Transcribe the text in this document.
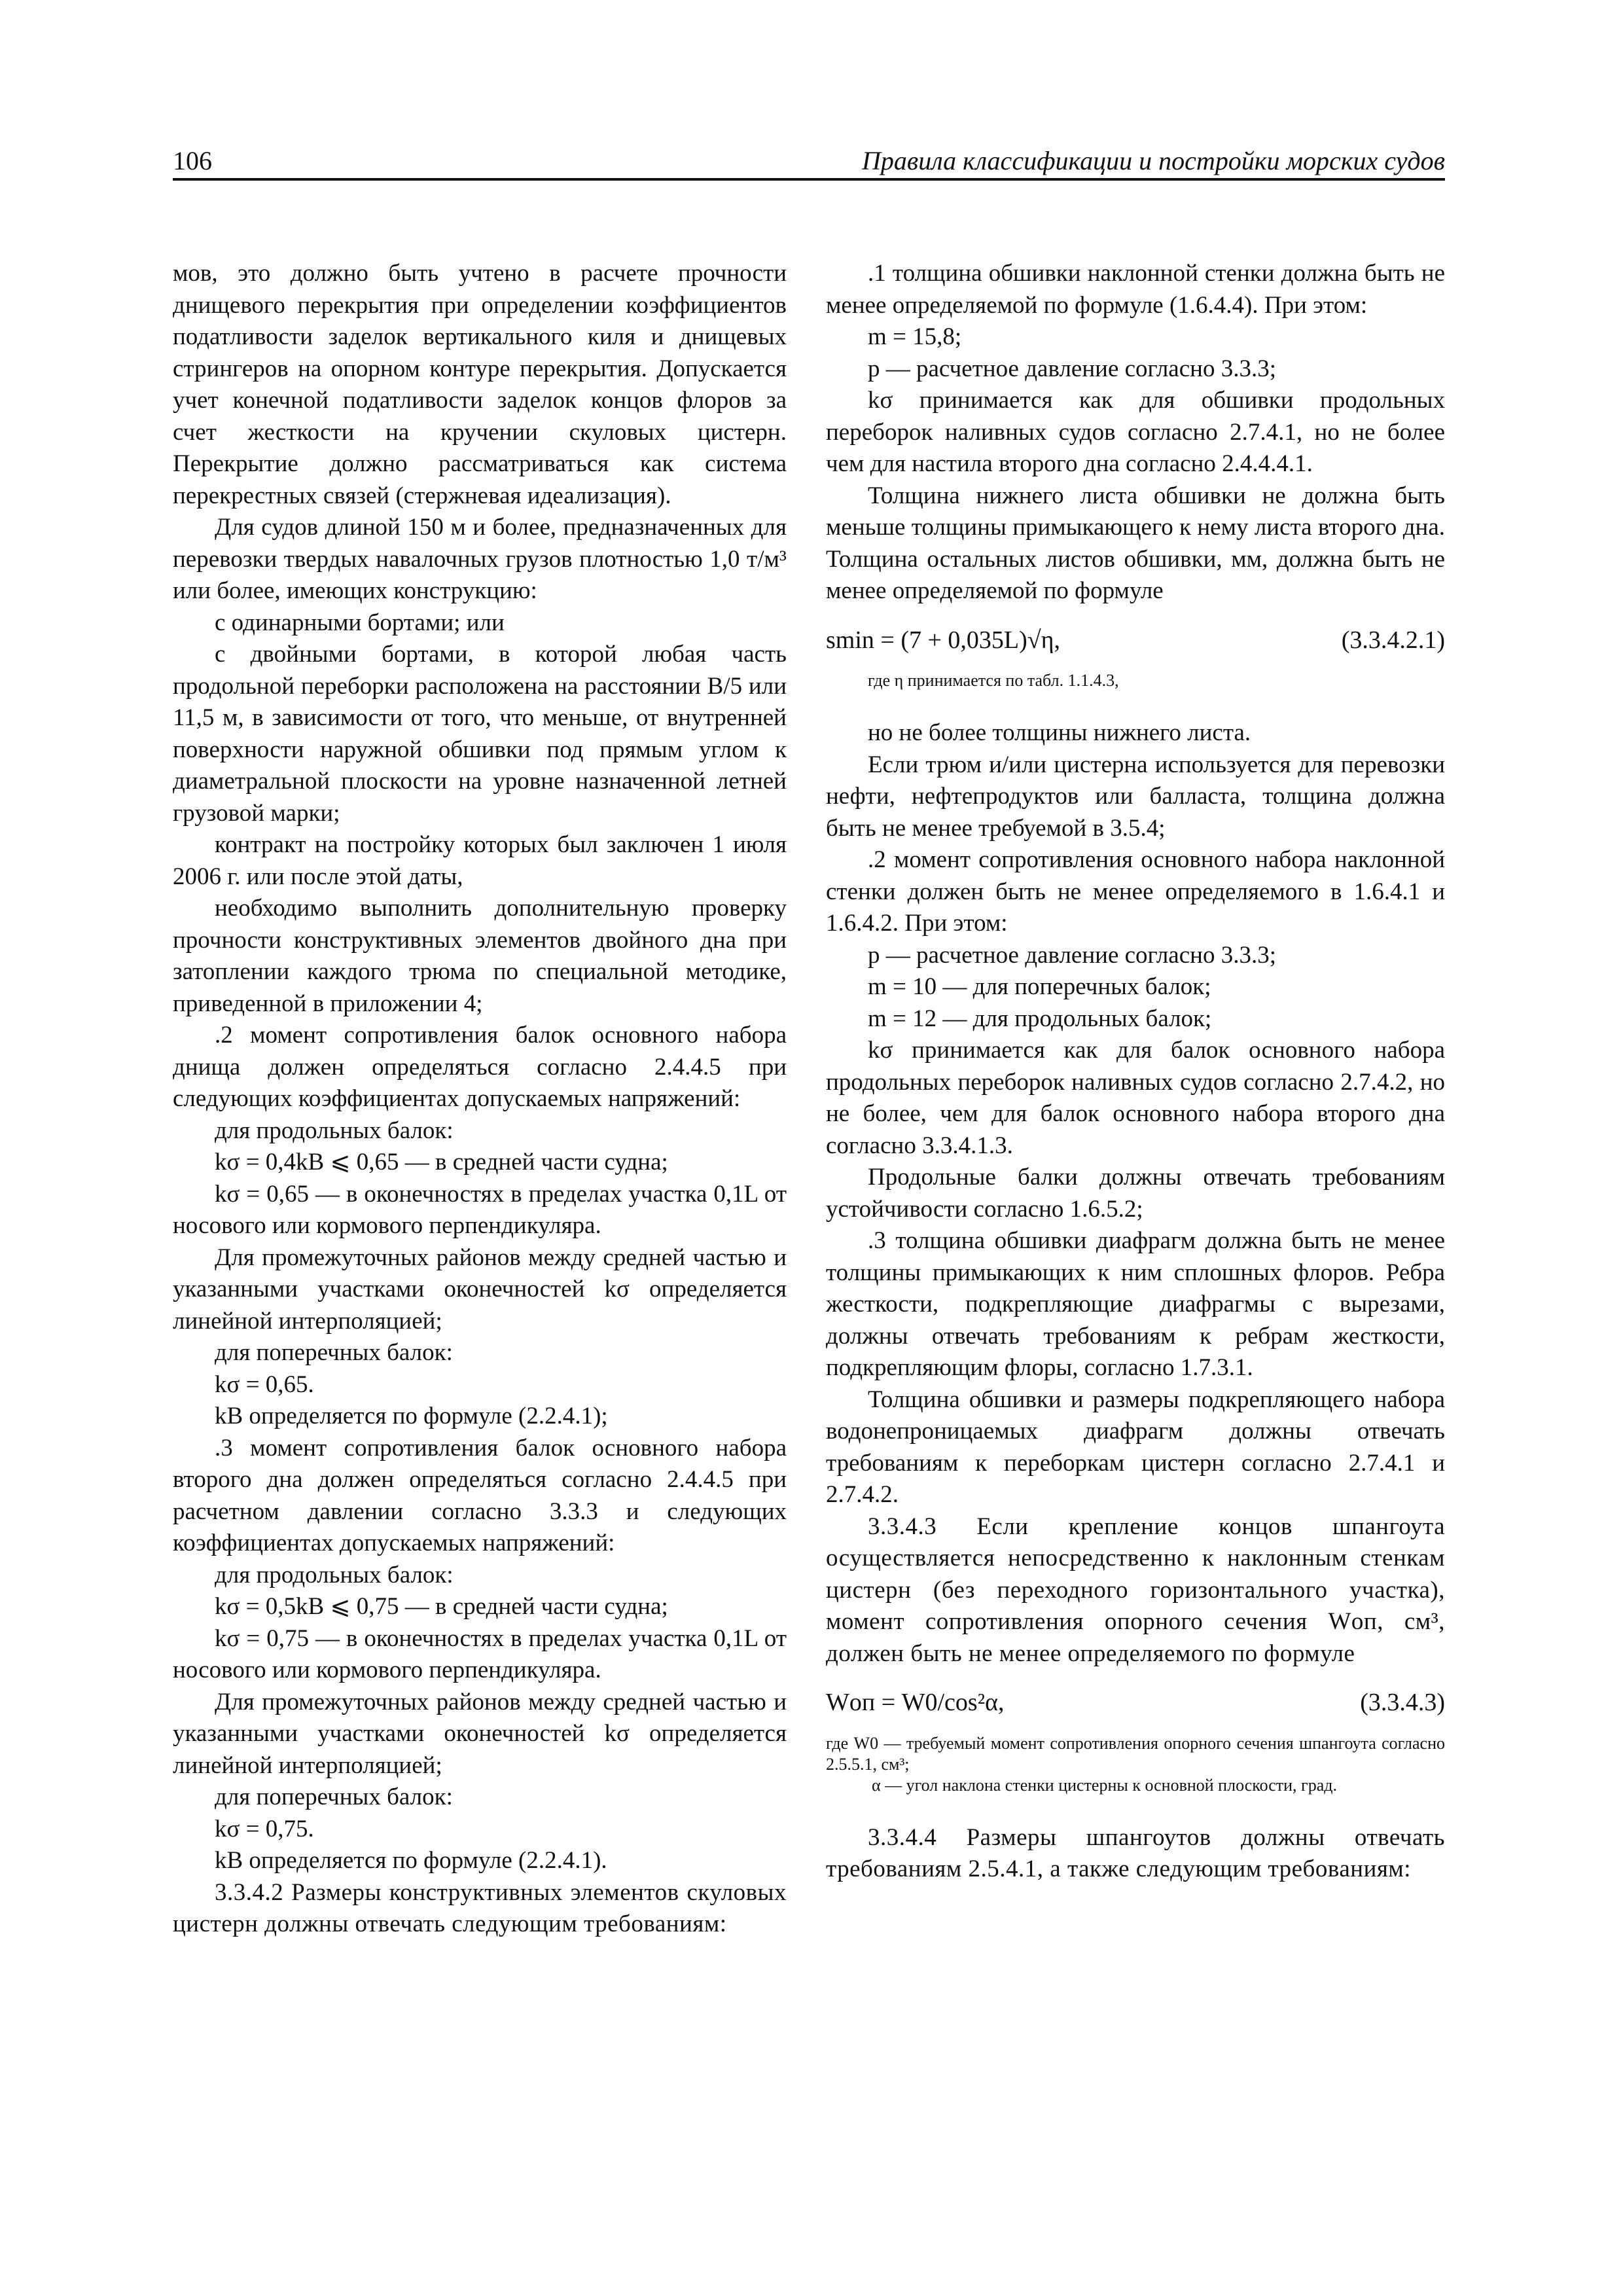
106	Правила классификации и постройки морских судов

мов, это должно быть учтено в расчете прочности днищевого перекрытия при определении коэффициентов податливости заделок вертикального киля и днищевых стрингеров на опорном контуре перекрытия. Допускается учет конечной податливости заделок концов флоров за счет жесткости на кручении скуловых цистерн. Перекрытие должно рассматриваться как система перекрестных связей (стержневая идеализация).

Для судов длиной 150 м и более, предназначенных для перевозки твердых навалочных грузов плотностью 1,0 т/м³ или более, имеющих конструкцию:

с одинарными бортами; или

с двойными бортами, в которой любая часть продольной переборки расположена на расстоянии B/5 или 11,5 м, в зависимости от того, что меньше, от внутренней поверхности наружной обшивки под прямым углом к диаметральной плоскости на уровне назначенной летней грузовой марки;

контракт на постройку которых был заключен 1 июля 2006 г. или после этой даты,

необходимо выполнить дополнительную проверку прочности конструктивных элементов двойного дна при затоплении каждого трюма по специальной методике, приведенной в приложении 4;

.2 момент сопротивления балок основного набора днища должен определяться согласно 2.4.4.5 при следующих коэффициентах допускаемых напряжений:

для продольных балок:

kσ = 0,4kB ⩽ 0,65 — в средней части судна;

kσ = 0,65 — в оконечностях в пределах участка 0,1L от носового или кормового перпендикуляра.

Для промежуточных районов между средней частью и указанными участками оконечностей kσ определяется линейной интерполяцией;

для поперечных балок:

kσ = 0,65.

kB определяется по формуле (2.2.4.1);

.3 момент сопротивления балок основного набора второго дна должен определяться согласно 2.4.4.5 при расчетном давлении согласно 3.3.3 и следующих коэффициентах допускаемых напряжений:

для продольных балок:

kσ = 0,5kB ⩽ 0,75 — в средней части судна;

kσ = 0,75 — в оконечностях в пределах участка 0,1L от носового или кормового перпендикуляра.

Для промежуточных районов между средней частью и указанными участками оконечностей kσ определяется линейной интерполяцией;

для поперечных балок:

kσ = 0,75.

kB определяется по формуле (2.2.4.1).

3.3.4.2 Размеры конструктивных элементов скуловых цистерн должны отвечать следующим требованиям:

.1 толщина обшивки наклонной стенки должна быть не менее определяемой по формуле (1.6.4.4). При этом:

m = 15,8;

p — расчетное давление согласно 3.3.3;

kσ принимается как для обшивки продольных переборок наливных судов согласно 2.7.4.1, но не более чем для настила второго дна согласно 2.4.4.4.1.

Толщина нижнего листа обшивки не должна быть меньше толщины примыкающего к нему листа второго дна. Толщина остальных листов обшивки, мм, должна быть не менее определяемой по формуле

smin = (7 + 0,035L)√η,	(3.3.4.2.1)

где η принимается по табл. 1.1.4.3,

но не более толщины нижнего листа.

Если трюм и/или цистерна используется для перевозки нефти, нефтепродуктов или балласта, толщина должна быть не менее требуемой в 3.5.4;

.2 момент сопротивления основного набора наклонной стенки должен быть не менее определяемого в 1.6.4.1 и 1.6.4.2. При этом:

p — расчетное давление согласно 3.3.3;

m = 10 — для поперечных балок;

m = 12 — для продольных балок;

kσ принимается как для балок основного набора продольных переборок наливных судов согласно 2.7.4.2, но не более, чем для балок основного набора второго дна согласно 3.3.4.1.3.

Продольные балки должны отвечать требованиям устойчивости согласно 1.6.5.2;

.3 толщина обшивки диафрагм должна быть не менее толщины примыкающих к ним сплошных флоров. Ребра жесткости, подкрепляющие диафрагмы с вырезами, должны отвечать требованиям к ребрам жесткости, подкрепляющим флоры, согласно 1.7.3.1.

Толщина обшивки и размеры подкрепляющего набора водонепроницаемых диафрагм должны отвечать требованиям к переборкам цистерн согласно 2.7.4.1 и 2.7.4.2.

3.3.4.3 Если крепление концов шпангоута осуществляется непосредственно к наклонным стенкам цистерн (без переходного горизонтального участка), момент сопротивления опорного сечения Wоп, см³, должен быть не менее определяемого по формуле

Wоп = W0/cos²α,	(3.3.4.3)

где W0 — требуемый момент сопротивления опорного сечения шпангоута согласно 2.5.5.1, см³;

α — угол наклона стенки цистерны к основной плоскости, град.

3.3.4.4 Размеры шпангоутов должны отвечать требованиям 2.5.4.1, а также следующим требованиям:
